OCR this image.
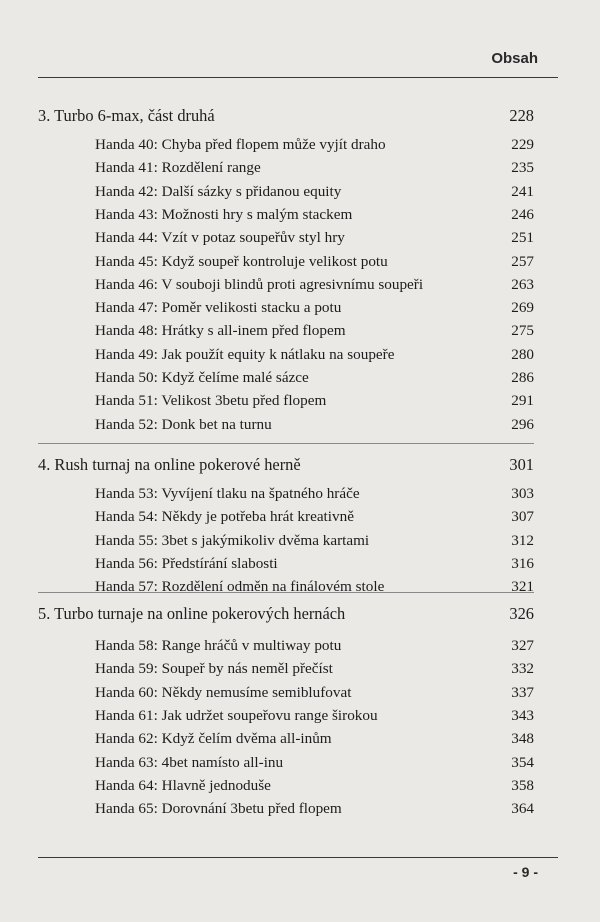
Obsah
3. Turbo 6-max, část druhá	228
Handa 40: Chyba před flopem může vyjít draho	229
Handa 41: Rozdělení range	235
Handa 42: Další sázky s přidanou equity	241
Handa 43: Možnosti hry s malým stackem	246
Handa 44: Vzít v potaz soupeřův styl hry	251
Handa 45: Když soupeř kontroluje velikost potu	257
Handa 46: V souboji blindů proti agresivnímu soupeři	263
Handa 47: Poměr velikosti stacku a potu	269
Handa 48: Hrátky s all-inem před flopem	275
Handa 49: Jak použít equity k nátlaku na soupeře	280
Handa 50: Když čelíme malé sázce	286
Handa 51: Velikost 3betu před flopem	291
Handa 52: Donk bet na turnu	296
4. Rush turnaj na online pokerové herně	301
Handa 53: Vyvíjení tlaku na špatného hráče	303
Handa 54: Někdy je potřeba hrát kreativně	307
Handa 55: 3bet s jakýmikoliv dvěma kartami	312
Handa 56: Předstírání slabosti	316
Handa 57: Rozdělení odměn na finálovém stole	321
5. Turbo turnaje na online pokerových hernách	326
Handa 58: Range hráčů v multiway potu	327
Handa 59: Soupeř by nás neměl přečíst	332
Handa 60: Někdy nemusíme semiblufovat	337
Handa 61: Jak udržet soupeřovu range širokou	343
Handa 62: Když čelím dvěma all-inům	348
Handa 63: 4bet namísto all-inu	354
Handa 64: Hlavně jednoduše	358
Handa 65: Dorovnání 3betu před flopem	364
- 9 -
